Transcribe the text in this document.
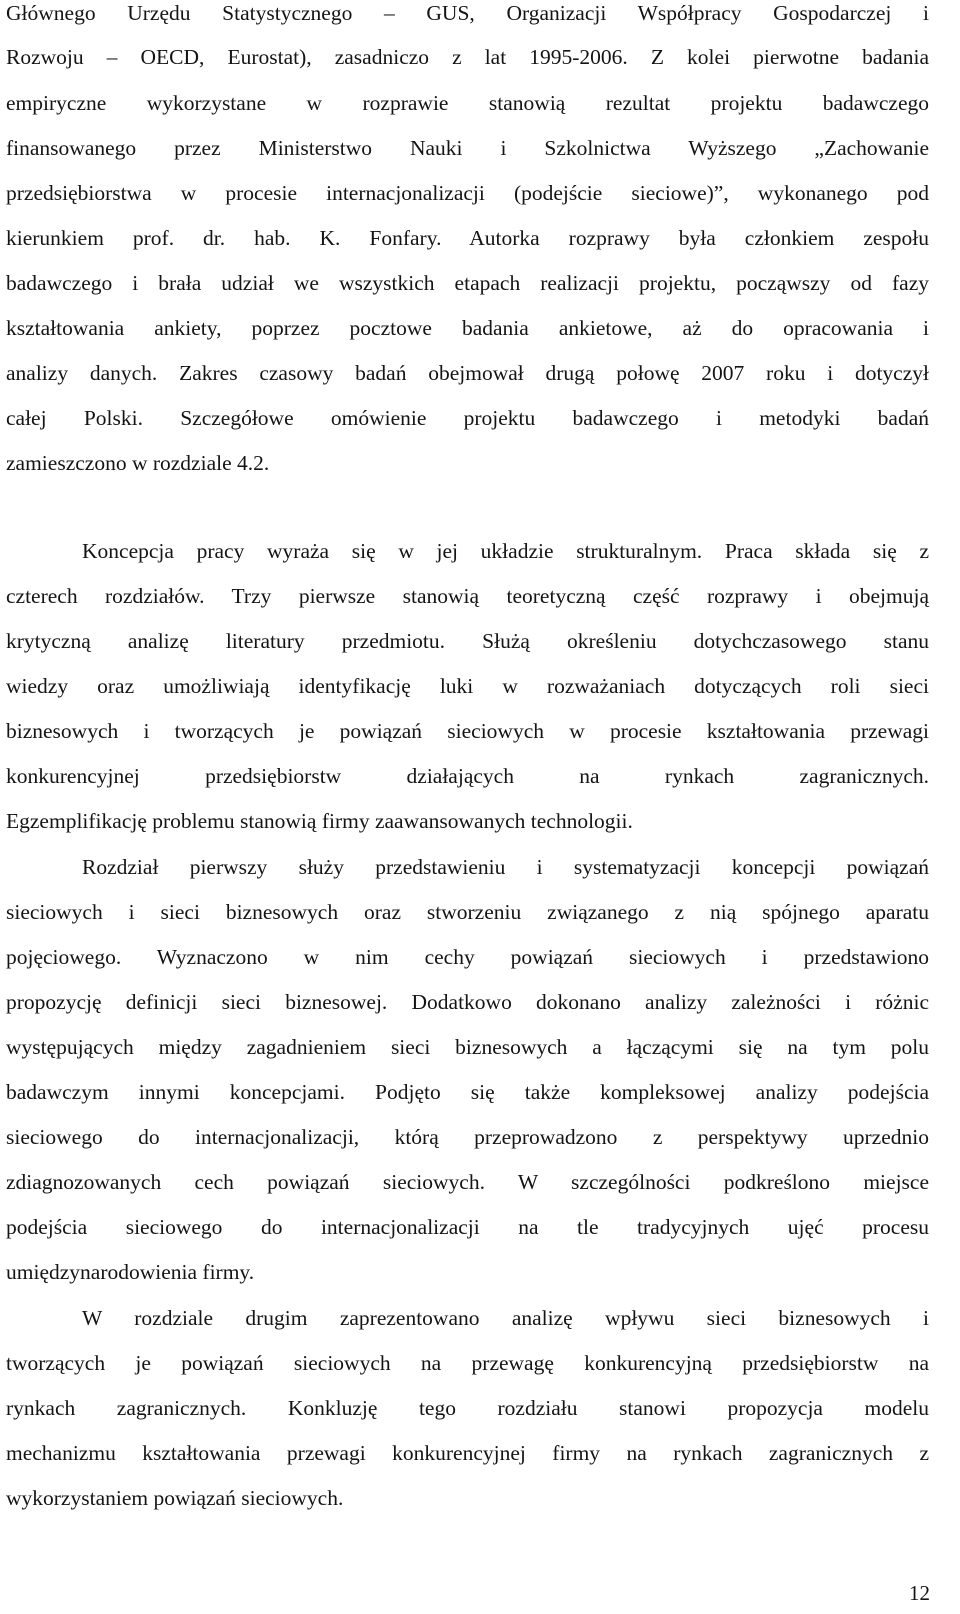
Głównego Urzędu Statystycznego – GUS, Organizacji Współpracy Gospodarczej i
Rozwoju – OECD, Eurostat), zasadniczo z lat 1995-2006. Z kolei pierwotne badania
empiryczne wykorzystane w rozprawie stanowią rezultat projektu badawczego
finansowanego przez Ministerstwo Nauki i Szkolnictwa Wyższego „Zachowanie
przedsiębiorstwa w procesie internacjonalizacji (podejście sieciowe)”, wykonanego pod
kierunkiem prof. dr. hab. K. Fonfary. Autorka rozprawy była członkiem zespołu
badawczego i brała udział we wszystkich etapach realizacji projektu, począwszy od fazy
kształtowania ankiety, poprzez pocztowe badania ankietowe, aż do opracowania i
analizy danych. Zakres czasowy badań obejmował drugą połowę 2007 roku i dotyczył
całej Polski. Szczegółowe omówienie projektu badawczego i metodyki badań
zamieszczono w rozdziale 4.2.
Koncepcja pracy wyraża się w jej układzie strukturalnym. Praca składa się z
czterech rozdziałów. Trzy pierwsze stanowią teoretyczną część rozprawy i obejmują
krytyczną analizę literatury przedmiotu. Służą określeniu dotychczasowego stanu
wiedzy oraz umożliwiają identyfikację luki w rozważaniach dotyczących roli sieci
biznesowych i tworzących je powiązań sieciowych w procesie kształtowania przewagi
konkurencyjnej przedsiębiorstw działających na rynkach zagranicznych.
Egzemplifikację problemu stanowią firmy zaawansowanych technologii.
Rozdział pierwszy służy przedstawieniu i systematyzacji koncepcji powiązań
sieciowych i sieci biznesowych oraz stworzeniu związanego z nią spójnego aparatu
pojęciowego. Wyznaczono w nim cechy powiązań sieciowych i przedstawiono
propozycję definicji sieci biznesowej. Dodatkowo dokonano analizy zależności i różnic
występujących między zagadnieniem sieci biznesowych a łączącymi się na tym polu
badawczym innymi koncepcjami. Podjęto się także kompleksowej analizy podejścia
sieciowego do internacjonalizacji, którą przeprowadzono z perspektywy uprzednio
zdiagnozowanych cech powiązań sieciowych. W szczególności podkreślono miejsce
podejścia sieciowego do internacjonalizacji na tle tradycyjnych ujęć procesu
umiędzynarodowienia firmy.
W rozdziale drugim zaprezentowano analizę wpływu sieci biznesowych i
tworzących je powiązań sieciowych na przewagę konkurencyjną przedsiębiorstw na
rynkach zagranicznych. Konkluzję tego rozdziału stanowi propozycja modelu
mechanizmu kształtowania przewagi konkurencyjnej firmy na rynkach zagranicznych z
wykorzystaniem powiązań sieciowych.
12
